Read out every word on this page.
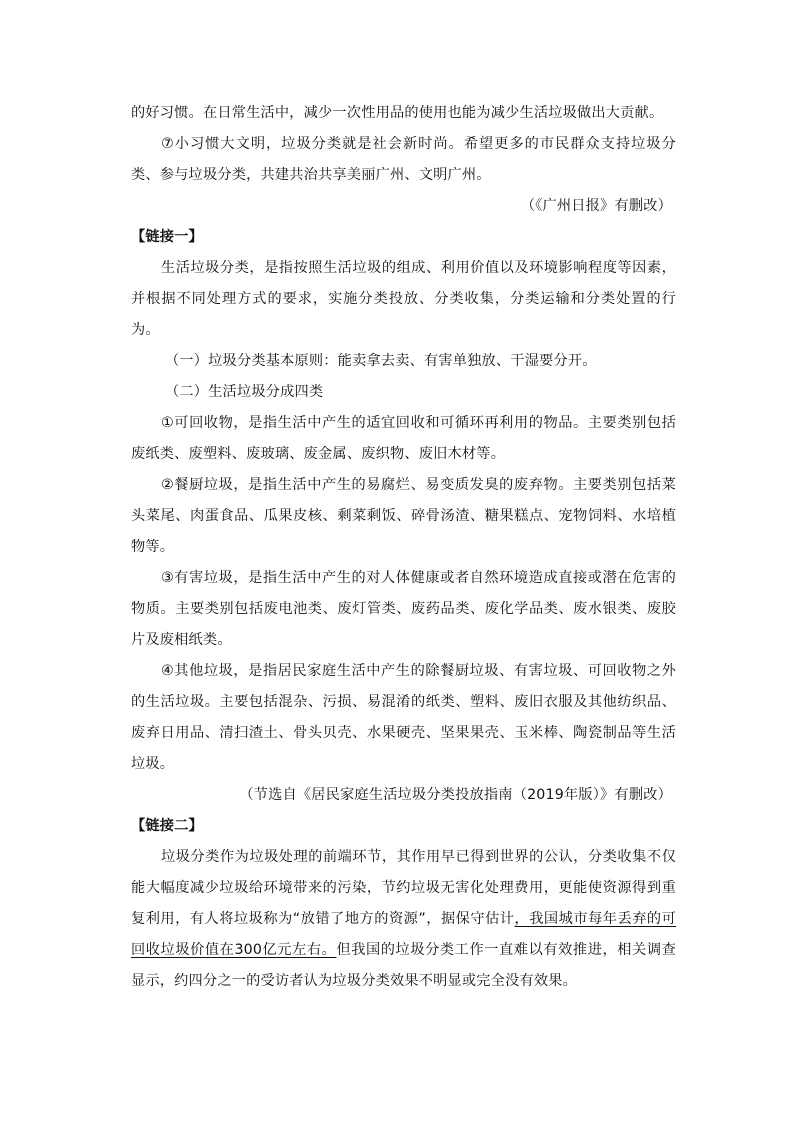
的好习惯。在日常生活中，减少一次性用品的使用也能为减少生活垃圾做出大贡献。

⑦小习惯大文明，垃圾分类就是社会新时尚。希望更多的市民群众支持垃圾分类、参与垃圾分类，共建共治共享美丽广州、文明广州。

（《广州日报》有删改）

【链接一】

生活垃圾分类，是指按照生活垃圾的组成、利用价值以及环境影响程度等因素，并根据不同处理方式的要求，实施分类投放、分类收集，分类运输和分类处置的行为。

（一）垃圾分类基本原则：能卖拿去卖、有害单独放、干湿要分开。

（二）生活垃圾分成四类

①可回收物，是指生活中产生的适宜回收和可循环再利用的物品。主要类别包括废纸类、废塑料、废玻璃、废金属、废织物、废旧木材等。

②餐厨垃圾，是指生活中产生的易腐烂、易变质发臭的废弃物。主要类别包括菜头菜尾、肉蛋食品、瓜果皮核、剩菜剩饭、碎骨汤渣、糖果糕点、宠物饲料、水培植物等。

③有害垃圾，是指生活中产生的对人体健康或者自然环境造成直接或潜在危害的物质。主要类别包括废电池类、废灯管类、废药品类、废化学品类、废水银类、废胶片及废相纸类。

④其他垃圾，是指居民家庭生活中产生的除餐厨垃圾、有害垃圾、可回收物之外的生活垃圾。主要包括混杂、污损、易混淆的纸类、塑料、废旧衣服及其他纺织品、废弃日用品、清扫渣土、骨头贝壳、水果硬壳、坚果果壳、玉米棒、陶瓷制品等生活垃圾。

（节选自《居民家庭生活垃圾分类投放指南（2019年版）》有删改）

【链接二】

垃圾分类作为垃圾处理的前端环节，其作用早已得到世界的公认，分类收集不仅能大幅度减少垃圾给环境带来的污染，节约垃圾无害化处理费用，更能使资源得到重复利用，有人将垃圾称为“放错了地方的资源”，据保守估计，我国城市每年丢弃的可回收垃圾价值在300亿元左右。但我国的垃圾分类工作一直难以有效推进，相关调查显示，约四分之一的受访者认为垃圾分类效果不明显或完全没有效果。
